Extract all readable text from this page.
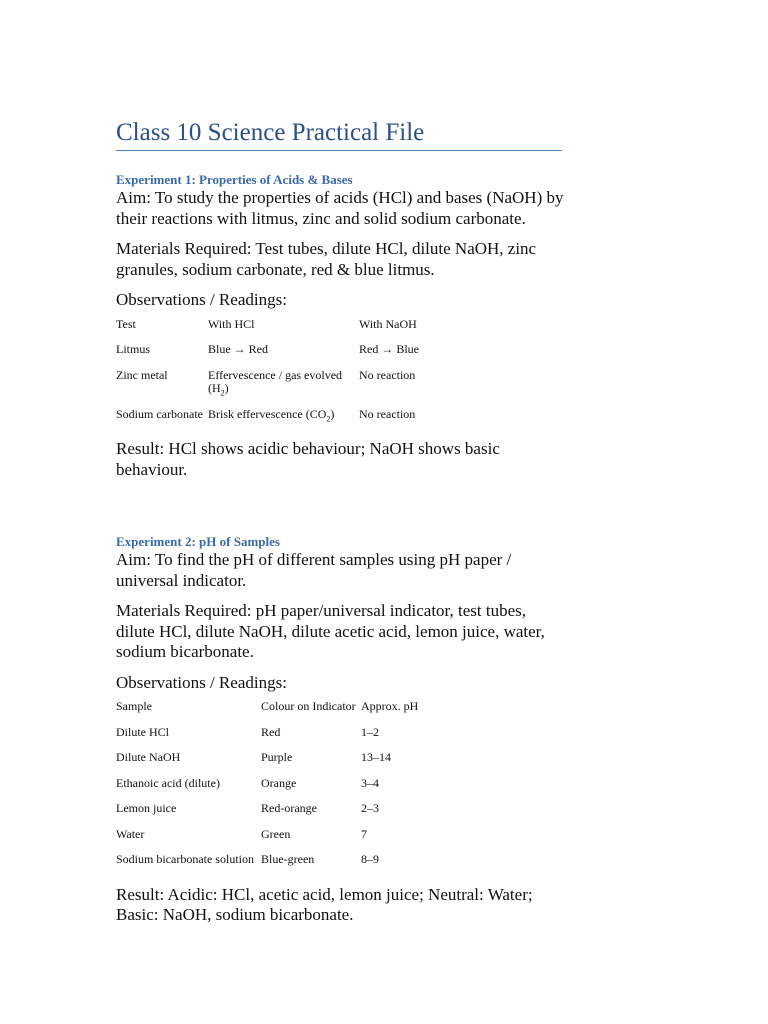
Class 10 Science Practical File
Experiment 1: Properties of Acids & Bases

Aim: To study the properties of acids (HCl) and bases (NaOH) by their reactions with litmus, zinc and solid sodium carbonate.

Materials Required: Test tubes, dilute HCl, dilute NaOH, zinc granules, sodium carbonate, red & blue litmus.

Observations / Readings:

Test	With HCl	With NaOH
Litmus	Blue → Red	Red → Blue
Zinc metal	Effervescence / gas evolved $(H_2)$	No reaction
Sodium carbonate	Brisk effervescence $(CO_2)$	No reaction

Result: HCl shows acidic behaviour; NaOH shows basic behaviour.

Experiment 2: pH of Samples

Aim: To find the pH of different samples using pH paper / universal indicator.

Materials Required: pH paper/universal indicator, test tubes, dilute HCl, dilute NaOH, dilute acetic acid, lemon juice, water, sodium bicarbonate.

Observations / Readings:

Sample	Colour on Indicator	Approx. pH
Dilute HCl	Red	1–2
Dilute NaOH	Purple	13–14
Ethanoic acid (dilute)	Orange	3–4
Lemon juice	Red-orange	2–3
Water	Green	7
Sodium bicarbonate solution	Blue-green	8–9

Result: Acidic: HCl, acetic acid, lemon juice; Neutral: Water; Basic: NaOH, sodium bicarbonate.
